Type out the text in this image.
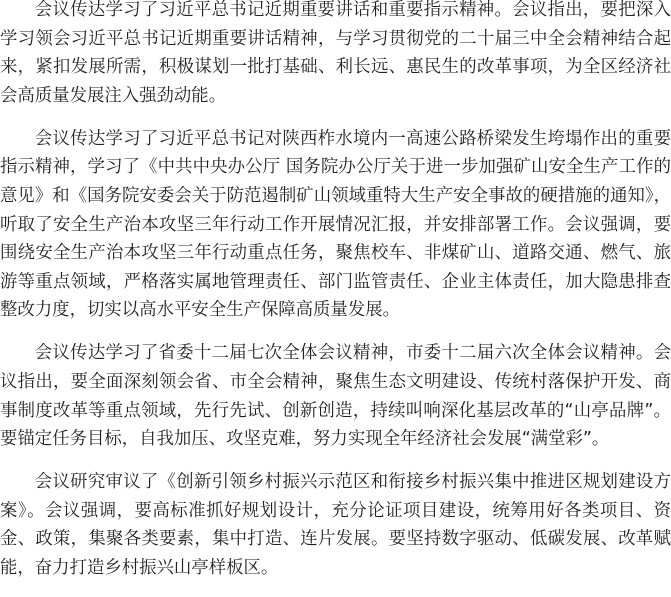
会议传达学习了习近平总书记近期重要讲话和重要指示精神。会议指出，要把深入学习领会习近平总书记近期重要讲话精神，与学习贯彻党的二十届三中全会精神结合起来，紧扣发展所需，积极谋划一批打基础、利长远、惠民生的改革事项，为全区经济社会高质量发展注入强劲动能。

会议传达学习了习近平总书记对陕西柞水境内一高速公路桥梁发生垮塌作出的重要指示精神，学习了《中共中央办公厅 国务院办公厅关于进一步加强矿山安全生产工作的意见》和《国务院安委会关于防范遏制矿山领域重特大生产安全事故的硬措施的通知》，听取了安全生产治本攻坚三年行动工作开展情况汇报，并安排部署工作。会议强调，要围绕安全生产治本攻坚三年行动重点任务，聚焦校车、非煤矿山、道路交通、燃气、旅游等重点领域，严格落实属地管理责任、部门监管责任、企业主体责任，加大隐患排查整改力度，切实以高水平安全生产保障高质量发展。

会议传达学习了省委十二届七次全体会议精神，市委十二届六次全体会议精神。会议指出，要全面深刻领会省、市全会精神，聚焦生态文明建设、传统村落保护开发、商事制度改革等重点领域，先行先试、创新创造，持续叫响深化基层改革的“山亭品牌”。要锚定任务目标，自我加压、攻坚克难，努力实现全年经济社会发展“满堂彩”。

会议研究审议了《创新引领乡村振兴示范区和衔接乡村振兴集中推进区规划建设方案》。会议强调，要高标准抓好规划设计，充分论证项目建设，统筹用好各类项目、资金、政策，集聚各类要素，集中打造、连片发展。要坚持数字驱动、低碳发展、改革赋能，奋力打造乡村振兴山亭样板区。
